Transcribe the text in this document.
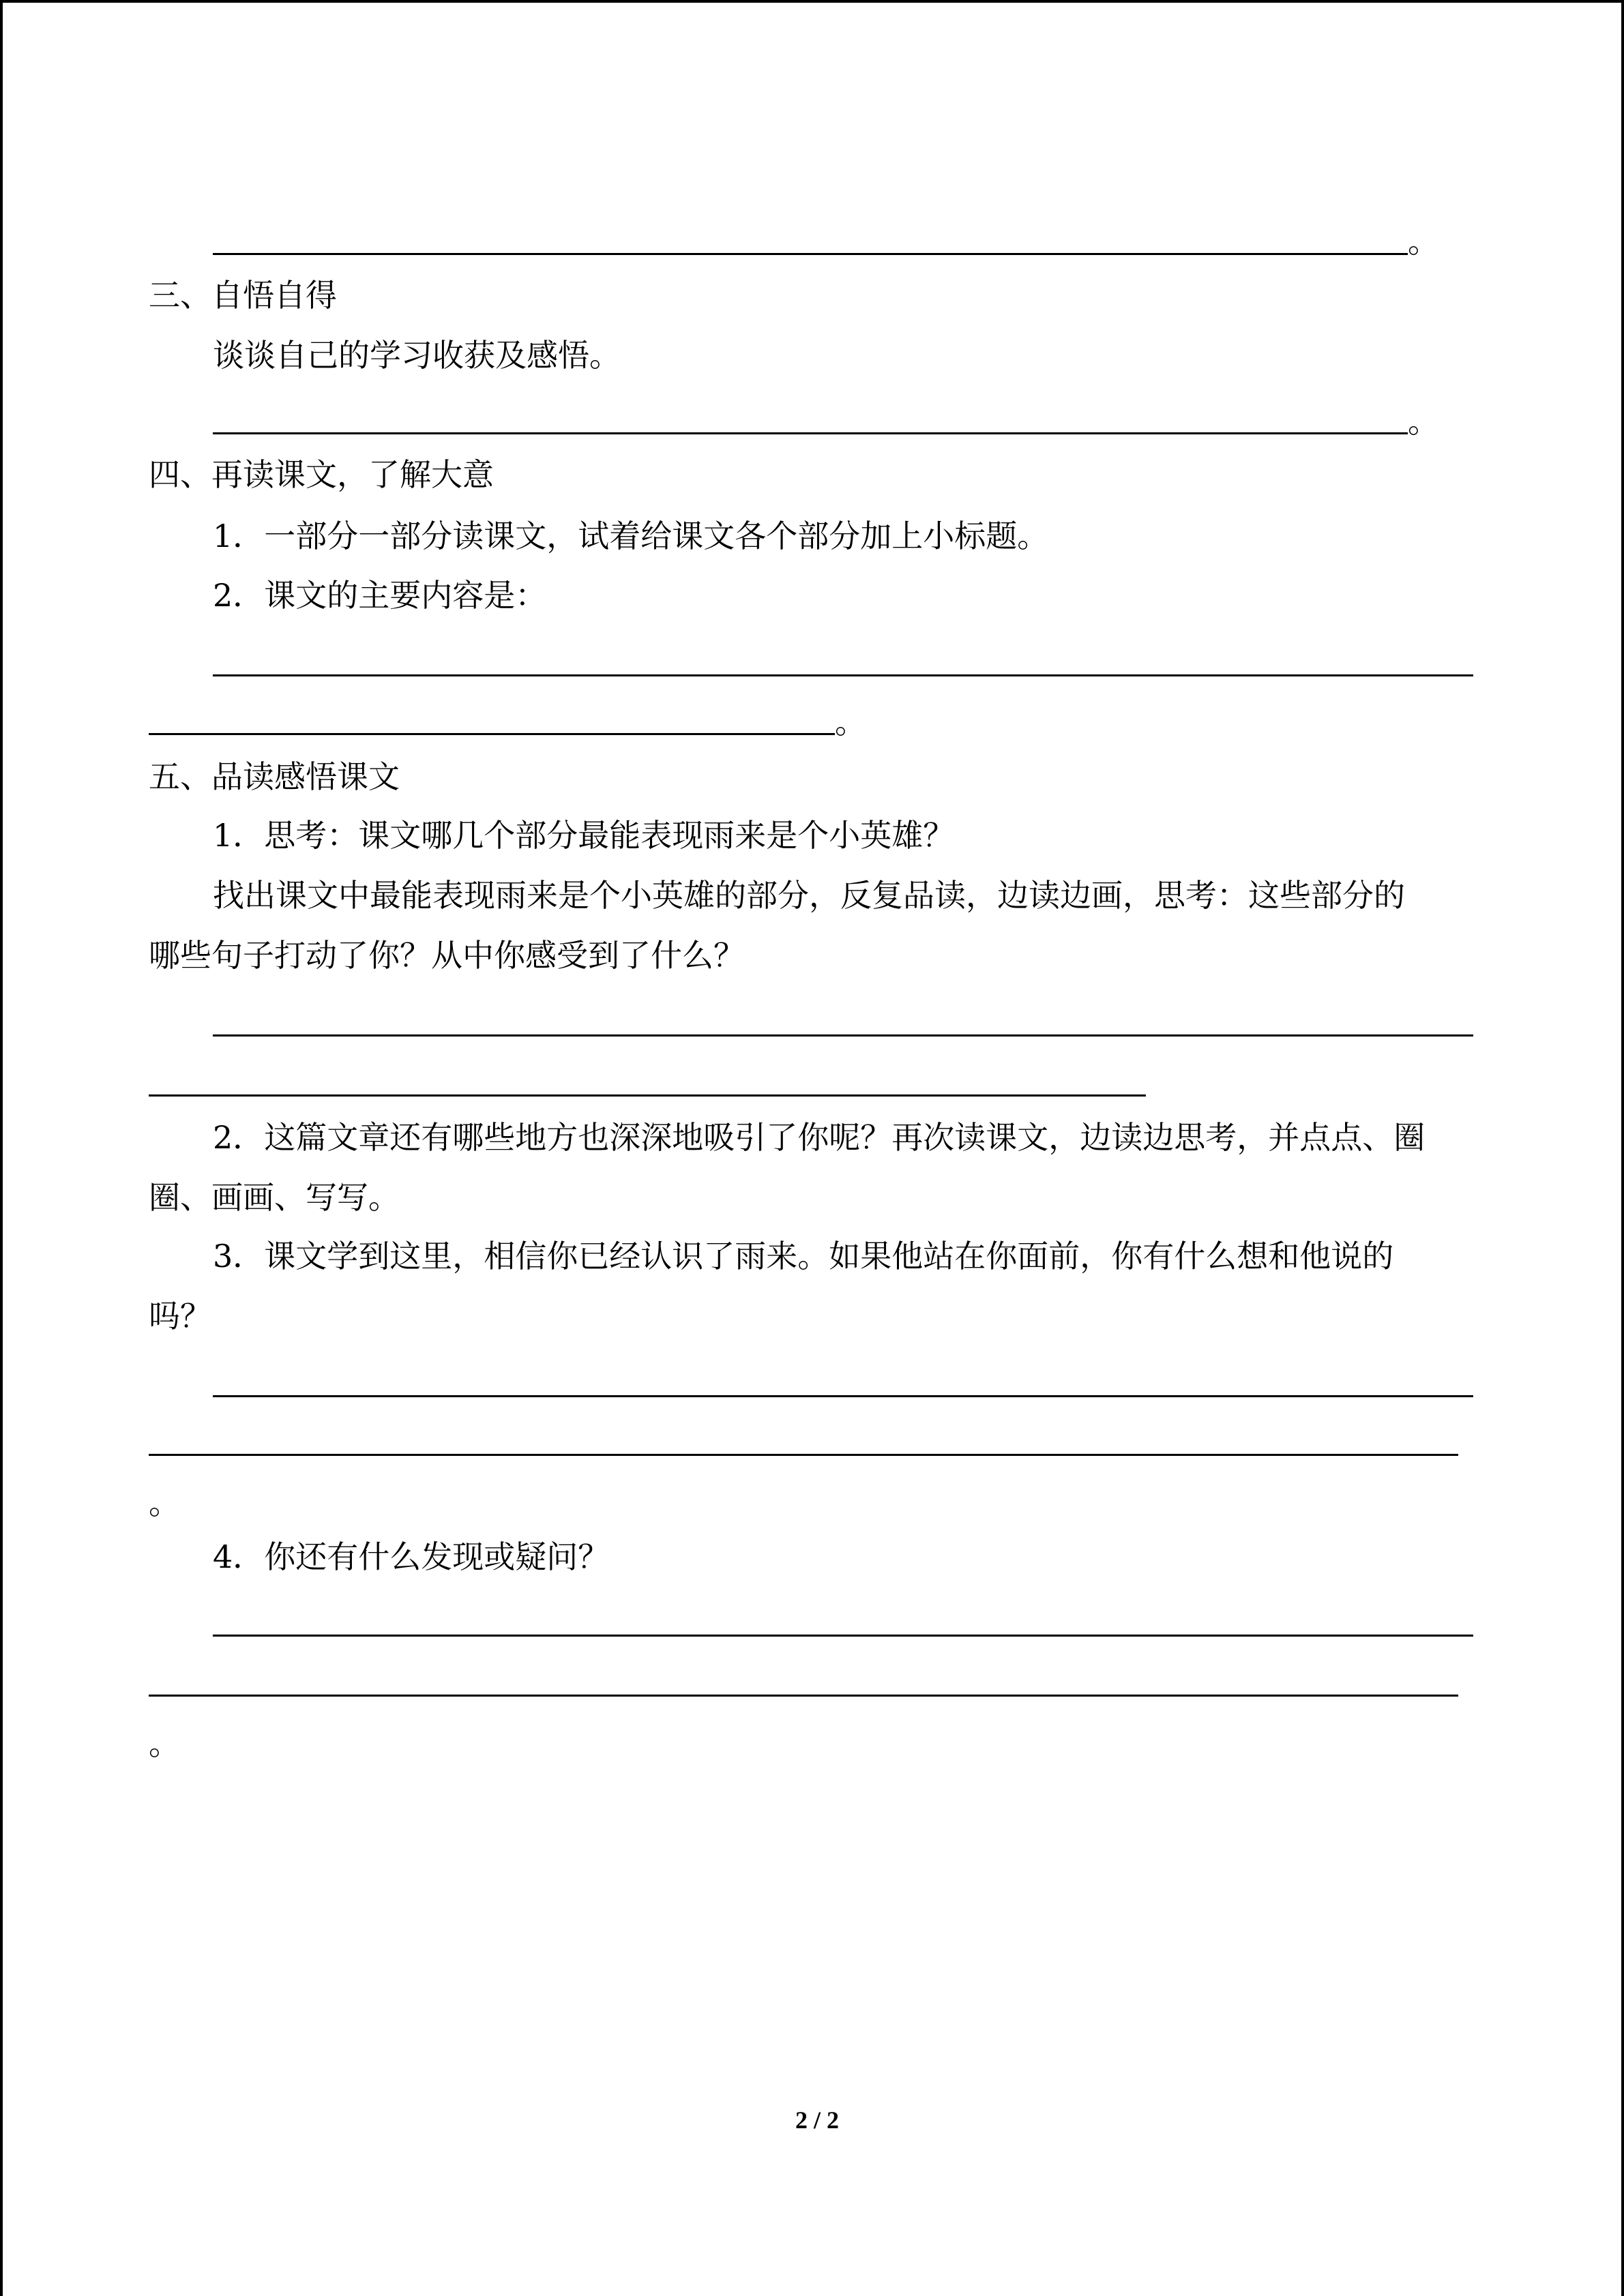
。
三、自悟自得
谈谈自己的学习收获及感悟。
。
四、再读课文，了解大意
1．一部分一部分读课文，试着给课文各个部分加上小标题。
2．课文的主要内容是：
。
五、品读感悟课文
1．思考：课文哪几个部分最能表现雨来是个小英雄？
找出课文中最能表现雨来是个小英雄的部分，反复品读，边读边画，思考：这些部分的
哪些句子打动了你？从中你感受到了什么？
2．这篇文章还有哪些地方也深深地吸引了你呢？再次读课文，边读边思考，并点点、圈
圈、画画、写写。
3．课文学到这里，相信你已经认识了雨来。如果他站在你面前，你有什么想和他说的
吗？
。
4．你还有什么发现或疑问？
。
2 / 2
